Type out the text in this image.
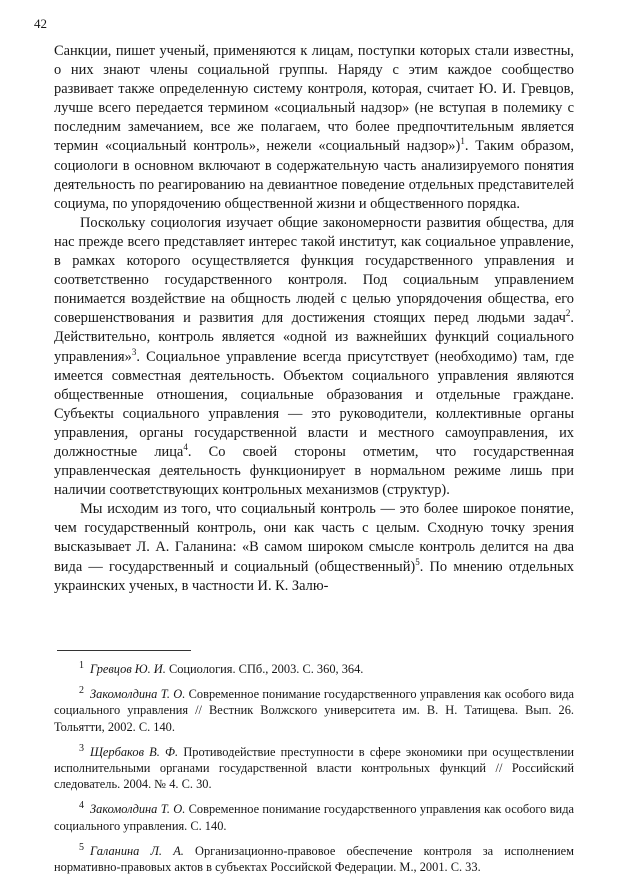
42

Санкции, пишет ученый, применяются к лицам, поступки которых стали известны, о них знают члены социальной группы. Наряду с этим каждое сообщество развивает также определенную систему контроля, которая, считает Ю. И. Гревцов, лучше всего передается термином «социальный надзор» (не вступая в полемику с последним замечанием, все же полагаем, что более предпочтительным является термин «социальный контроль», нежели «социальный надзор»)$^1$. Таким образом, социологи в основном включают в содержательную часть анализируемого понятия деятельность по реагированию на девиантное поведение отдельных представителей социума, по упорядочению общественной жизни и общественного порядка.

Поскольку социология изучает общие закономерности развития общества, для нас прежде всего представляет интерес такой институт, как социальное управление, в рамках которого осуществляется функция государственного управления и соответственно государственного контроля. Под социальным управлением понимается воздействие на общность людей с целью упорядочения общества, его совершенствования и развития для достижения стоящих перед людьми задач$^2$. Действительно, контроль является «одной из важнейших функций социального управления»$^3$. Социальное управление всегда присутствует (необходимо) там, где имеется совместная деятельность. Объектом социального управления являются общественные отношения, социальные образования и отдельные граждане. Субъекты социального управления — это руководители, коллективные органы управления, органы государственной власти и местного самоуправления, их должностные лица$^4$. Со своей стороны отметим, что государственная управленческая деятельность функционирует в нормальном режиме лишь при наличии соответствующих контрольных механизмов (структур).

Мы исходим из того, что социальный контроль — это более широкое понятие, чем государственный контроль, они как часть с целым. Сходную точку зрения высказывает Л. А. Галанина: «В самом широком смысле контроль делится на два вида — государственный и социальный (общественный)$^5$. По мнению отдельных украинских ученых, в частности И. К. Залю-

$^1$ Гревцов Ю. И. Социология. СПб., 2003. С. 360, 364.

$^2$ Закомолдина Т. О. Современное понимание государственного управления как особого вида социального управления // Вестник Волжского университета им. В. Н. Татищева. Вып. 26. Тольятти, 2002. С. 140.

$^3$ Щербаков В. Ф. Противодействие преступности в сфере экономики при осуществлении исполнительными органами государственной власти контрольных функций // Российский следователь. 2004. № 4. С. 30.

$^4$ Закомолдина Т. О. Современное понимание государственного управления как особого вида социального управления. С. 140.

$^5$ Галанина Л. А. Организационно-правовое обеспечение контроля за исполнением нормативно-правовых актов в субъектах Российской Федерации. М., 2001. С. 33.
